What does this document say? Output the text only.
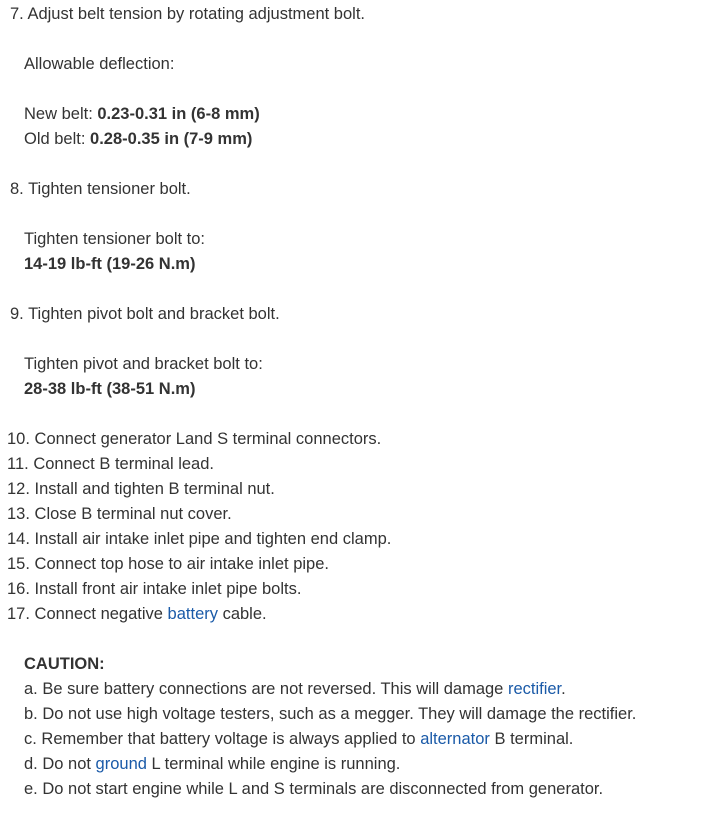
7. Adjust belt tension by rotating adjustment bolt.
Allowable deflection:
New belt: 0.23-0.31 in (6-8 mm)
Old belt: 0.28-0.35 in (7-9 mm)
8. Tighten tensioner bolt.
Tighten tensioner bolt to:
14-19 lb-ft (19-26 N.m)
9. Tighten pivot bolt and bracket bolt.
Tighten pivot and bracket bolt to:
28-38 lb-ft (38-51 N.m)
10. Connect generator Land S terminal connectors.
11. Connect B terminal lead.
12. Install and tighten B terminal nut.
13. Close B terminal nut cover.
14. Install air intake inlet pipe and tighten end clamp.
15. Connect top hose to air intake inlet pipe.
16. Install front air intake inlet pipe bolts.
17. Connect negative battery cable.
CAUTION:
a. Be sure battery connections are not reversed. This will damage rectifier.
b. Do not use high voltage testers, such as a megger. They will damage the rectifier.
c. Remember that battery voltage is always applied to alternator B terminal.
d. Do not ground L terminal while engine is running.
e. Do not start engine while L and S terminals are disconnected from generator.
